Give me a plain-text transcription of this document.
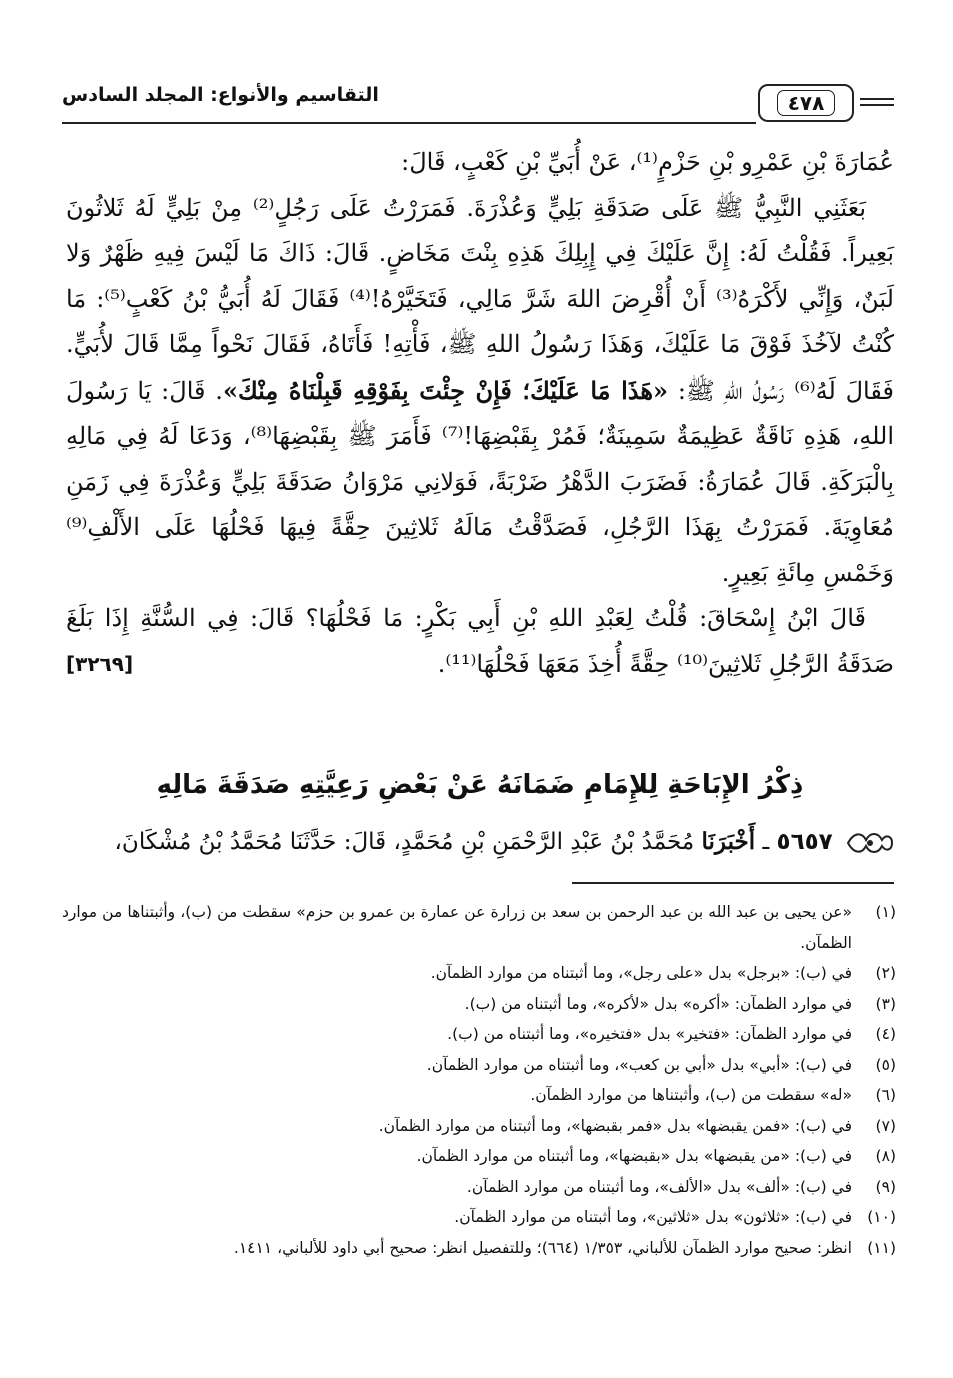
٤٧٨
التقاسيم والأنواع: المجلد السادس

عُمَارَةَ بْنِ عَمْرِو بْنِ حَزْمٍ⁽¹⁾، عَنْ أُبَيِّ بْنِ كَعْبٍ، قَالَ:

بَعَثَنِي النَّبِيُّ ﷺ عَلَى صَدَقَةِ بَلِيٍّ وَعُذْرَةَ. فَمَرَرْتُ عَلَى رَجُلٍ⁽²⁾ مِنْ بَلِيٍّ لَهُ ثَلاثُونَ بَعِيراً. فَقُلْتُ لَهُ: إِنَّ عَلَيْكَ فِي إِبِلِكَ هَذِهِ بِنْتَ مَخَاضٍ. قَالَ: ذَاكَ مَا لَيْسَ فِيهِ ظَهْرٌ وَلا لَبَنٌ، وَإِنِّي لأَكْرَهُ⁽³⁾ أَنْ أُقْرِضَ اللهَ شَرَّ مَالِي، فَتَخَيَّرْهُ!⁽⁴⁾ فَقَالَ لَهُ أُبَيُّ بْنُ كَعْبٍ⁽⁵⁾: مَا كُنْتُ لآخُذَ فَوْقَ مَا عَلَيْكَ، وَهَذَا رَسُولُ اللهِ ﷺ، فَأْتِهِ! فَأَتَاهُ، فَقَالَ نَحْواً مِمَّا قَالَ لأُبَيٍّ. فَقَالَ لَهُ⁽⁶⁾ رَسُولُ اللهِ ﷺ: «هَذَا مَا عَلَيْكَ؛ فَإِنْ جِئْتَ بِفَوْقِهِ قَبِلْنَاهُ مِنْكَ». قَالَ: يَا رَسُولَ اللهِ، هَذِهِ نَاقَةٌ عَظِيمَةٌ سَمِينَةٌ؛ فَمُرْ بِقَبْضِهَا!⁽⁷⁾ فَأَمَرَ ﷺ بِقَبْضِهَا⁽⁸⁾، وَدَعَا لَهُ فِي مَالِهِ بِالْبَرَكَةِ. قَالَ عُمَارَةُ: فَضَرَبَ الدَّهْرُ ضَرْبَةً، فَوَلانِي مَرْوَانُ صَدَقَةَ بَلِيٍّ وَعُذْرَةَ فِي زَمَنِ مُعَاوِيَةَ. فَمَرَرْتُ بِهَذَا الرَّجُلِ، فَصَدَّقْتُ مَالَهُ ثَلاثِينَ حِقَّةً فِيهَا فَحْلُهَا عَلَى الأَلْفِ⁽⁹⁾ وَخَمْسِ مِائَةِ بَعِيرٍ.

قَالَ ابْنُ إِسْحَاقَ: قُلْتُ لِعَبْدِ اللهِ بْنِ أَبِي بَكْرٍ: مَا فَحْلُهَا؟ قَالَ: فِي السُّنَّةِ إِذَا بَلَغَ صَدَقَةُ الرَّجُلِ ثَلاثِينَ⁽¹⁰⁾ حِقَّةً أُخِذَ مَعَهَا فَحْلُهَا⁽¹¹⁾.
[٣٢٦٩]

ذِكْرُ الإِبَاحَةِ لِلإِمَامِ ضَمَانَهُ عَنْ بَعْضِ رَعِيَّتِهِ صَدَقَةَ مَالِهِ
٥٦٥٧ ـ أَخْبَرَنَا مُحَمَّدُ بْنُ عَبْدِ الرَّحْمَنِ بْنِ مُحَمَّدٍ، قَالَ: حَدَّثَنَا مُحَمَّدُ بْنُ مُشْكَانَ،
(١)
«عن يحيى بن عبد الله بن عبد الرحمن بن سعد بن زرارة عن عمارة بن عمرو بن حزم» سقطت من (ب)، وأثبتناها من موارد الظمآن.
(٢)
في (ب): «برجل» بدل «على رجل»، وما أثبتناه من موارد الظمآن.
(٣)
في موارد الظمآن: «أكره» بدل «لأكره»، وما أثبتناه من (ب).
(٤)
في موارد الظمآن: «فتخير» بدل «فتخيره»، وما أثبتناه من (ب).
(٥)
في (ب): «أبي» بدل «أبي بن كعب»، وما أثبتناه من موارد الظمآن.
(٦)
«له» سقطت من (ب)، وأثبتناها من موارد الظمآن.
(٧)
في (ب): «فمن يقبضها» بدل «فمر بقبضها»، وما أثبتناه من موارد الظمآن.
(٨)
في (ب): «من يقبضها» بدل «بقبضها»، وما أثبتناه من موارد الظمآن.
(٩)
في (ب): «ألف» بدل «الألف»، وما أثبتناه من موارد الظمآن.
(١٠)
في (ب): «ثلاثون» بدل «ثلاثين»، وما أثبتناه من موارد الظمآن.
(١١)
انظر: صحيح موارد الظمآن للألباني، ١/٣٥٣ (٦٦٤)؛ وللتفصيل انظر: صحيح أبي داود للألباني، ١٤١١.
